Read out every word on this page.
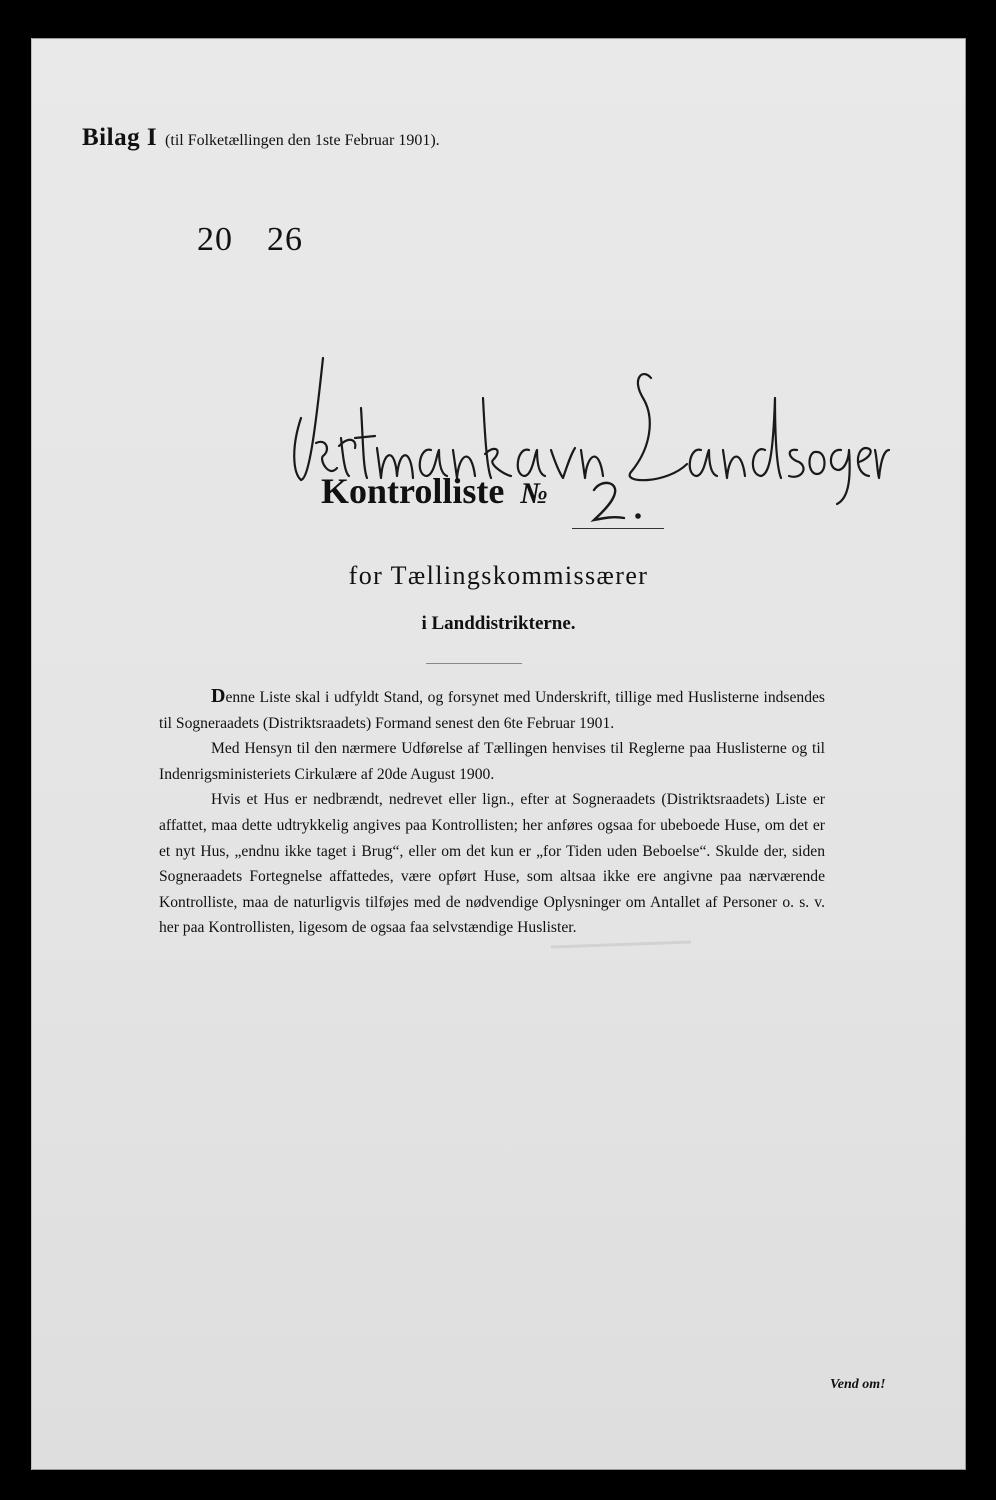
Bilag I (til Folketællingen den 1ste Februar 1901).
20 26
Kontrolliste №
for Tællingskommissærer
i Landdistrikterne.

Denne Liste skal i udfyldt Stand, og forsynet med Underskrift, tillige med Huslisterne indsendes til Sogneraadets (Distriktsraadets) Formand senest den 6te Februar 1901.

Med Hensyn til den nærmere Udførelse af Tællingen henvises til Reglerne paa Huslisterne og til Indenrigsministeriets Cirkulære af 20de August 1900.

Hvis et Hus er nedbrændt, nedrevet eller lign., efter at Sogneraadets (Distriktsraadets) Liste er affattet, maa dette udtrykkelig angives paa Kontrollisten; her anføres ogsaa for ubeboede Huse, om det er et nyt Hus, „endnu ikke taget i Brug“, eller om det kun er „for Tiden uden Beboelse“. Skulde der, siden Sogneraadets Fortegnelse affattedes, være opført Huse, som altsaa ikke ere angivne paa nærværende Kontrolliste, maa de naturligvis tilføjes med de nødvendige Oplysninger om Antallet af Personer o. s. v. her paa Kontrollisten, ligesom de ogsaa faa selvstændige Huslister.

Vend om!
